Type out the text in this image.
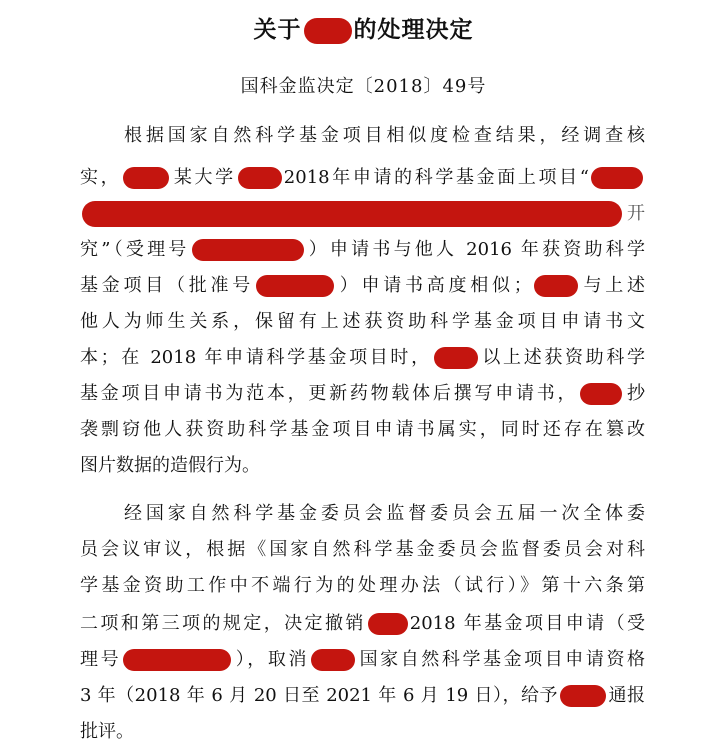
关于 的处理决定
国科金监决定〔2018〕49号
根据国家自然科学基金项目相似度检查结果，经调查核
实，	某大学	2018年申请的科学基金面上项目“
开
究”（受理号	）申请书与他人 2016 年获资助科学
基金项目（批准号	）申请书高度相似；	与上述
他人为师生关系，保留有上述获资助科学基金项目申请书文
本；在 2018 年申请科学基金项目时，	以上述获资助科学
基金项目申请书为范本，更新药物载体后撰写申请书，	抄
袭剽窃他人获资助科学基金项目申请书属实，同时还存在篡改
图片数据的造假行为。
经国家自然科学基金委员会监督委员会五届一次全体委
员会议审议，根据《国家自然科学基金委员会监督委员会对科
学基金资助工作中不端行为的处理办法（试行）》第十六条第
二项和第三项的规定，决定撤销 2018 年基金项目申请（受
理号	），取消	国家自然科学基金项目申请资格
3 年（2018 年 6 月 20 日至 2021 年 6 月 19 日），给予	通报
批评。
